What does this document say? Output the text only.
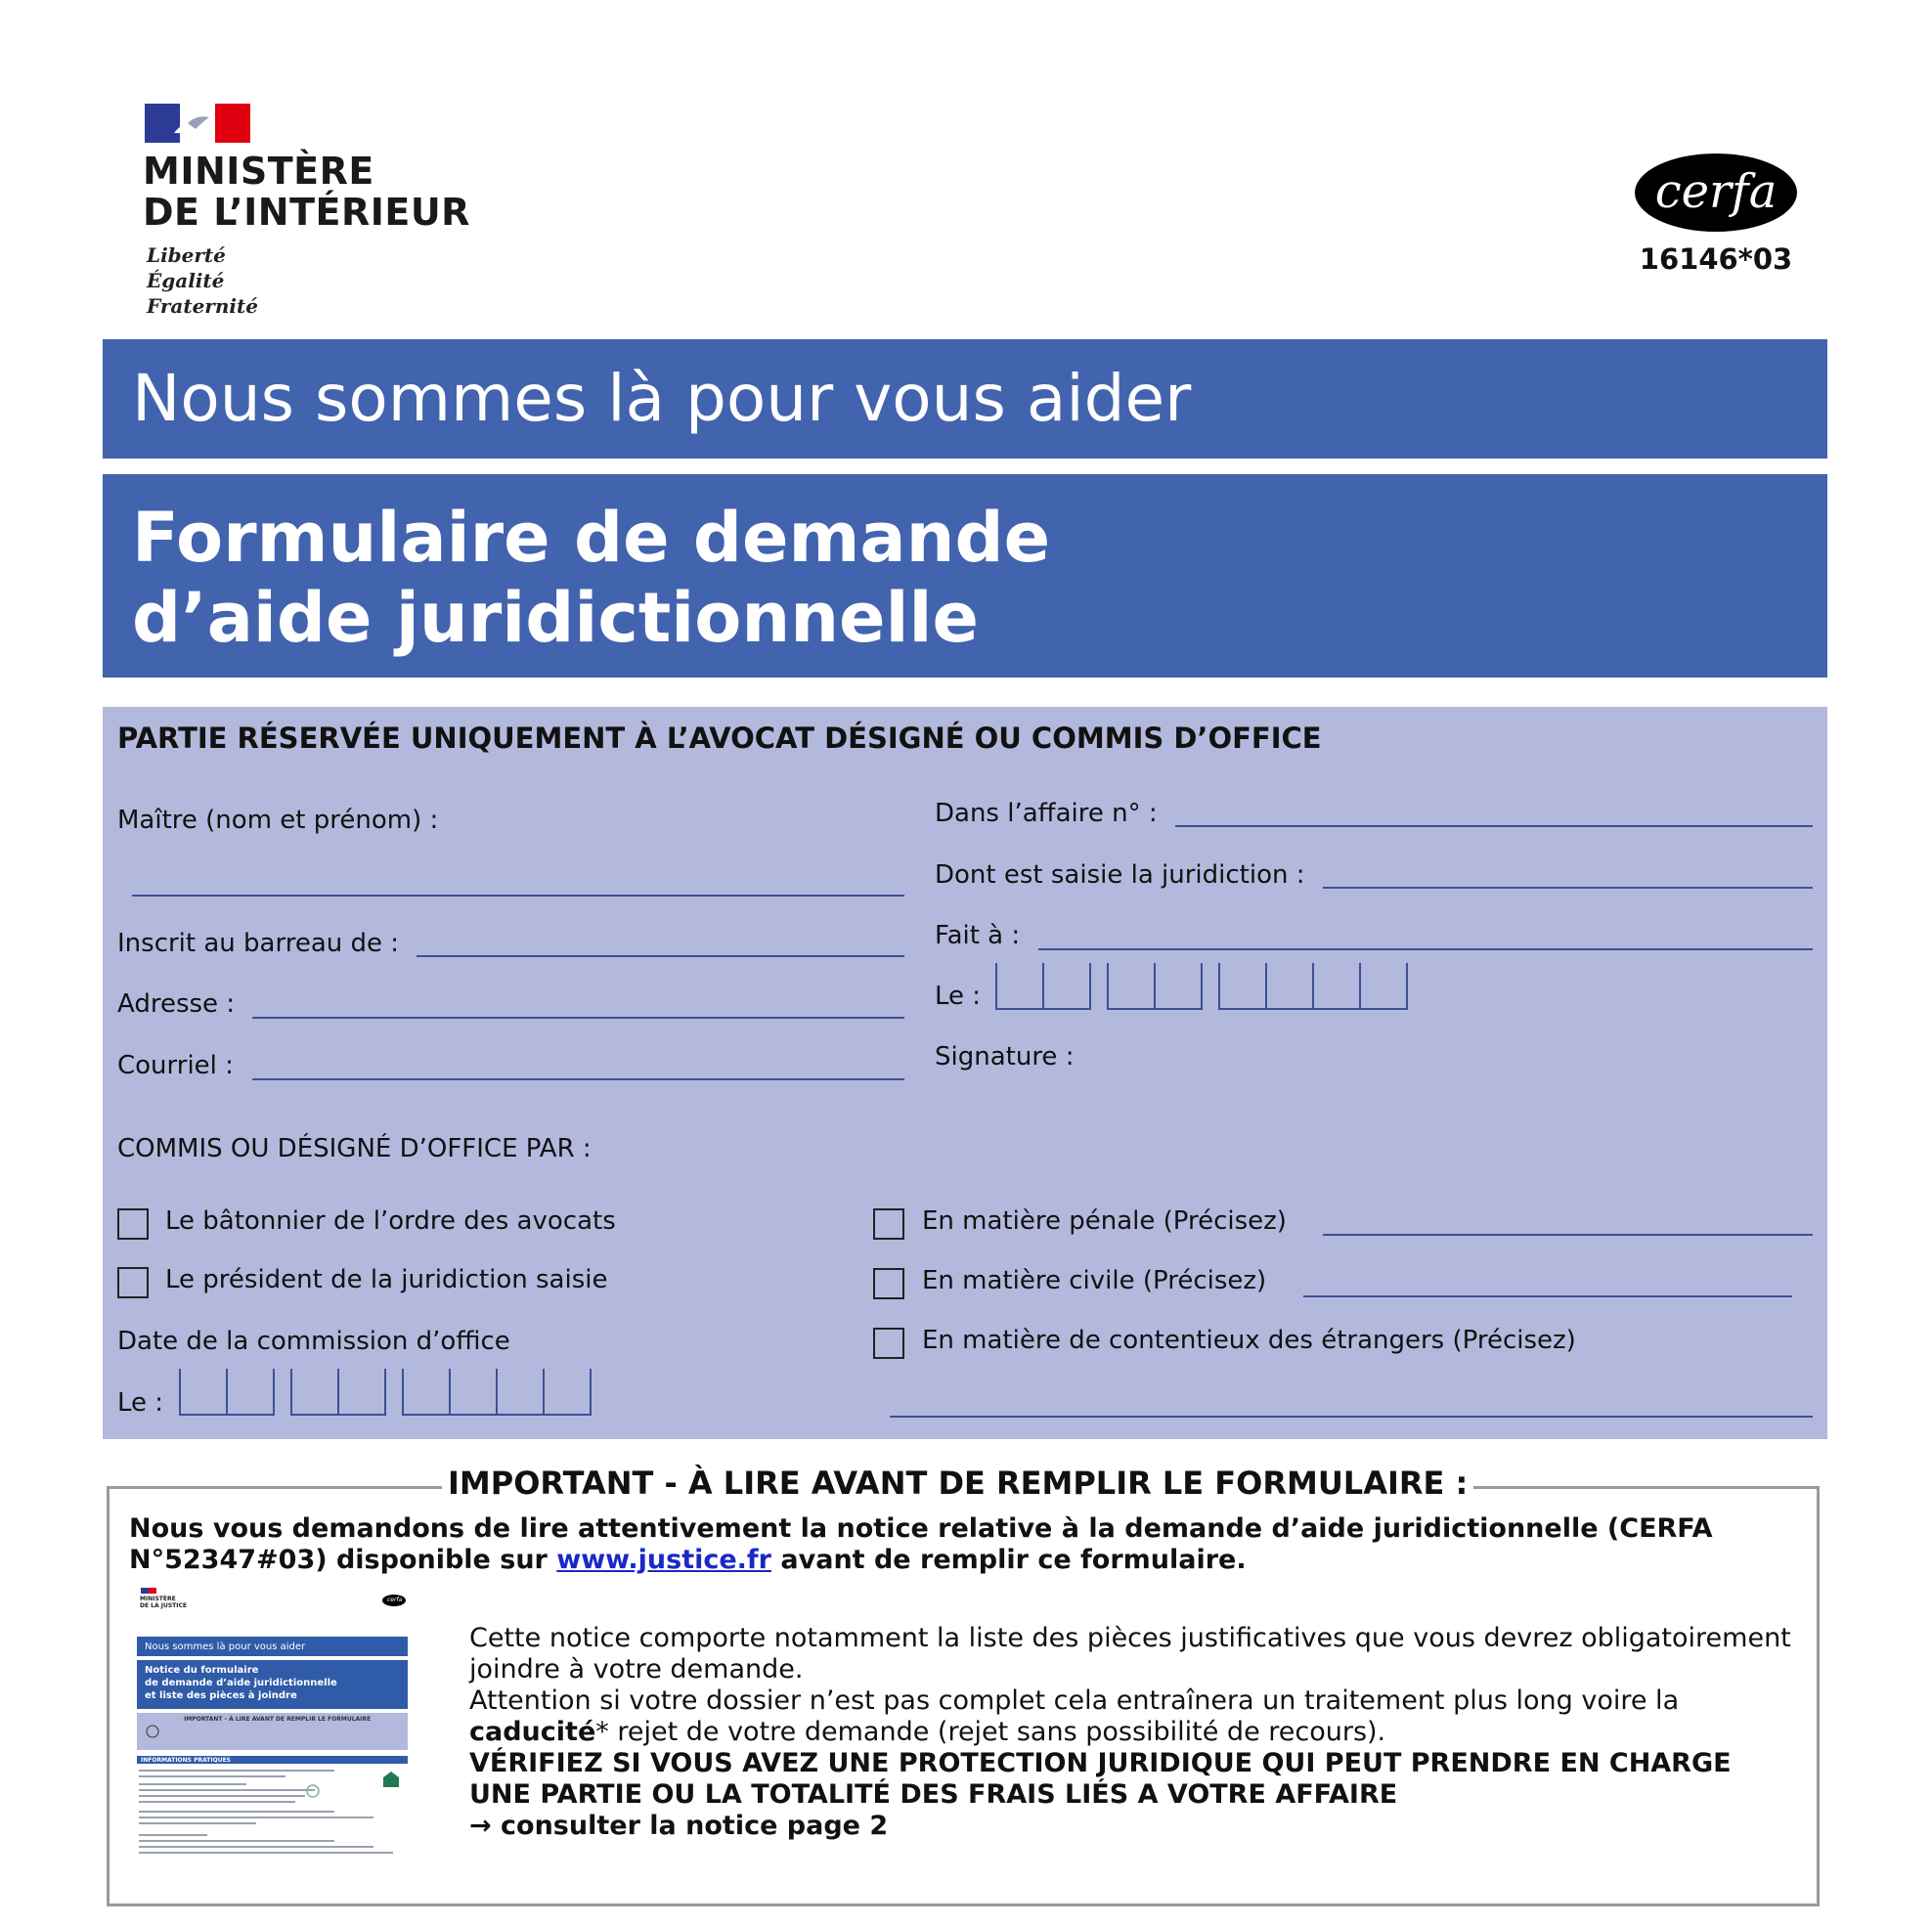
MINISTÈRE
DE L’INTÉRIEUR
Liberté
Égalité
Fraternité
cerfa
16146*03
Nous sommes là pour vous aider
Formulaire de demande
d’aide juridictionnelle
PARTIE RÉSERVÉE UNIQUEMENT À L’AVOCAT DÉSIGNÉ OU COMMIS D’OFFICE
Maître (nom et prénom) :
Inscrit au barreau de :
Adresse :
Courriel :
Dans l’affaire n° :
Dont est saisie la juridiction :
Fait à :
Le :
Signature :
COMMIS OU DÉSIGNÉ D’OFFICE PAR :
Le bâtonnier de l’ordre des avocats
Le président de la juridiction saisie
Date de la commission d’office
Le :
En matière pénale (Précisez)
En matière civile (Précisez)
En matière de contentieux des étrangers (Précisez)
IMPORTANT - À LIRE AVANT DE REMPLIR LE FORMULAIRE :
Nous vous demandons de lire attentivement la notice relative à la demande d’aide juridictionnelle (CERFA N°52347#03) disponible sur www.justice.fr avant de remplir ce formulaire.
Cette notice comporte notamment la liste des pièces justificatives que vous devrez obligatoirement joindre à votre demande.
Attention si votre dossier n’est pas complet cela entraînera un traitement plus long voire la
caducité* rejet de votre demande (rejet sans possibilité de recours).
VÉRIFIEZ SI VOUS AVEZ UNE PROTECTION JURIDIQUE QUI PEUT PRENDRE EN CHARGE UNE PARTIE OU LA TOTALITÉ DES FRAIS LIÉS A VOTRE AFFAIRE
→ consulter la notice page 2
MINISTÈRE
DE LA JUSTICE
cerfa
Nous sommes là pour vous aider
Notice du formulaire
de demande d’aide juridictionnelle
et liste des pièces à joindre
IMPORTANT - À LIRE AVANT DE REMPLIR LE FORMULAIRE
INFORMATIONS PRATIQUES
